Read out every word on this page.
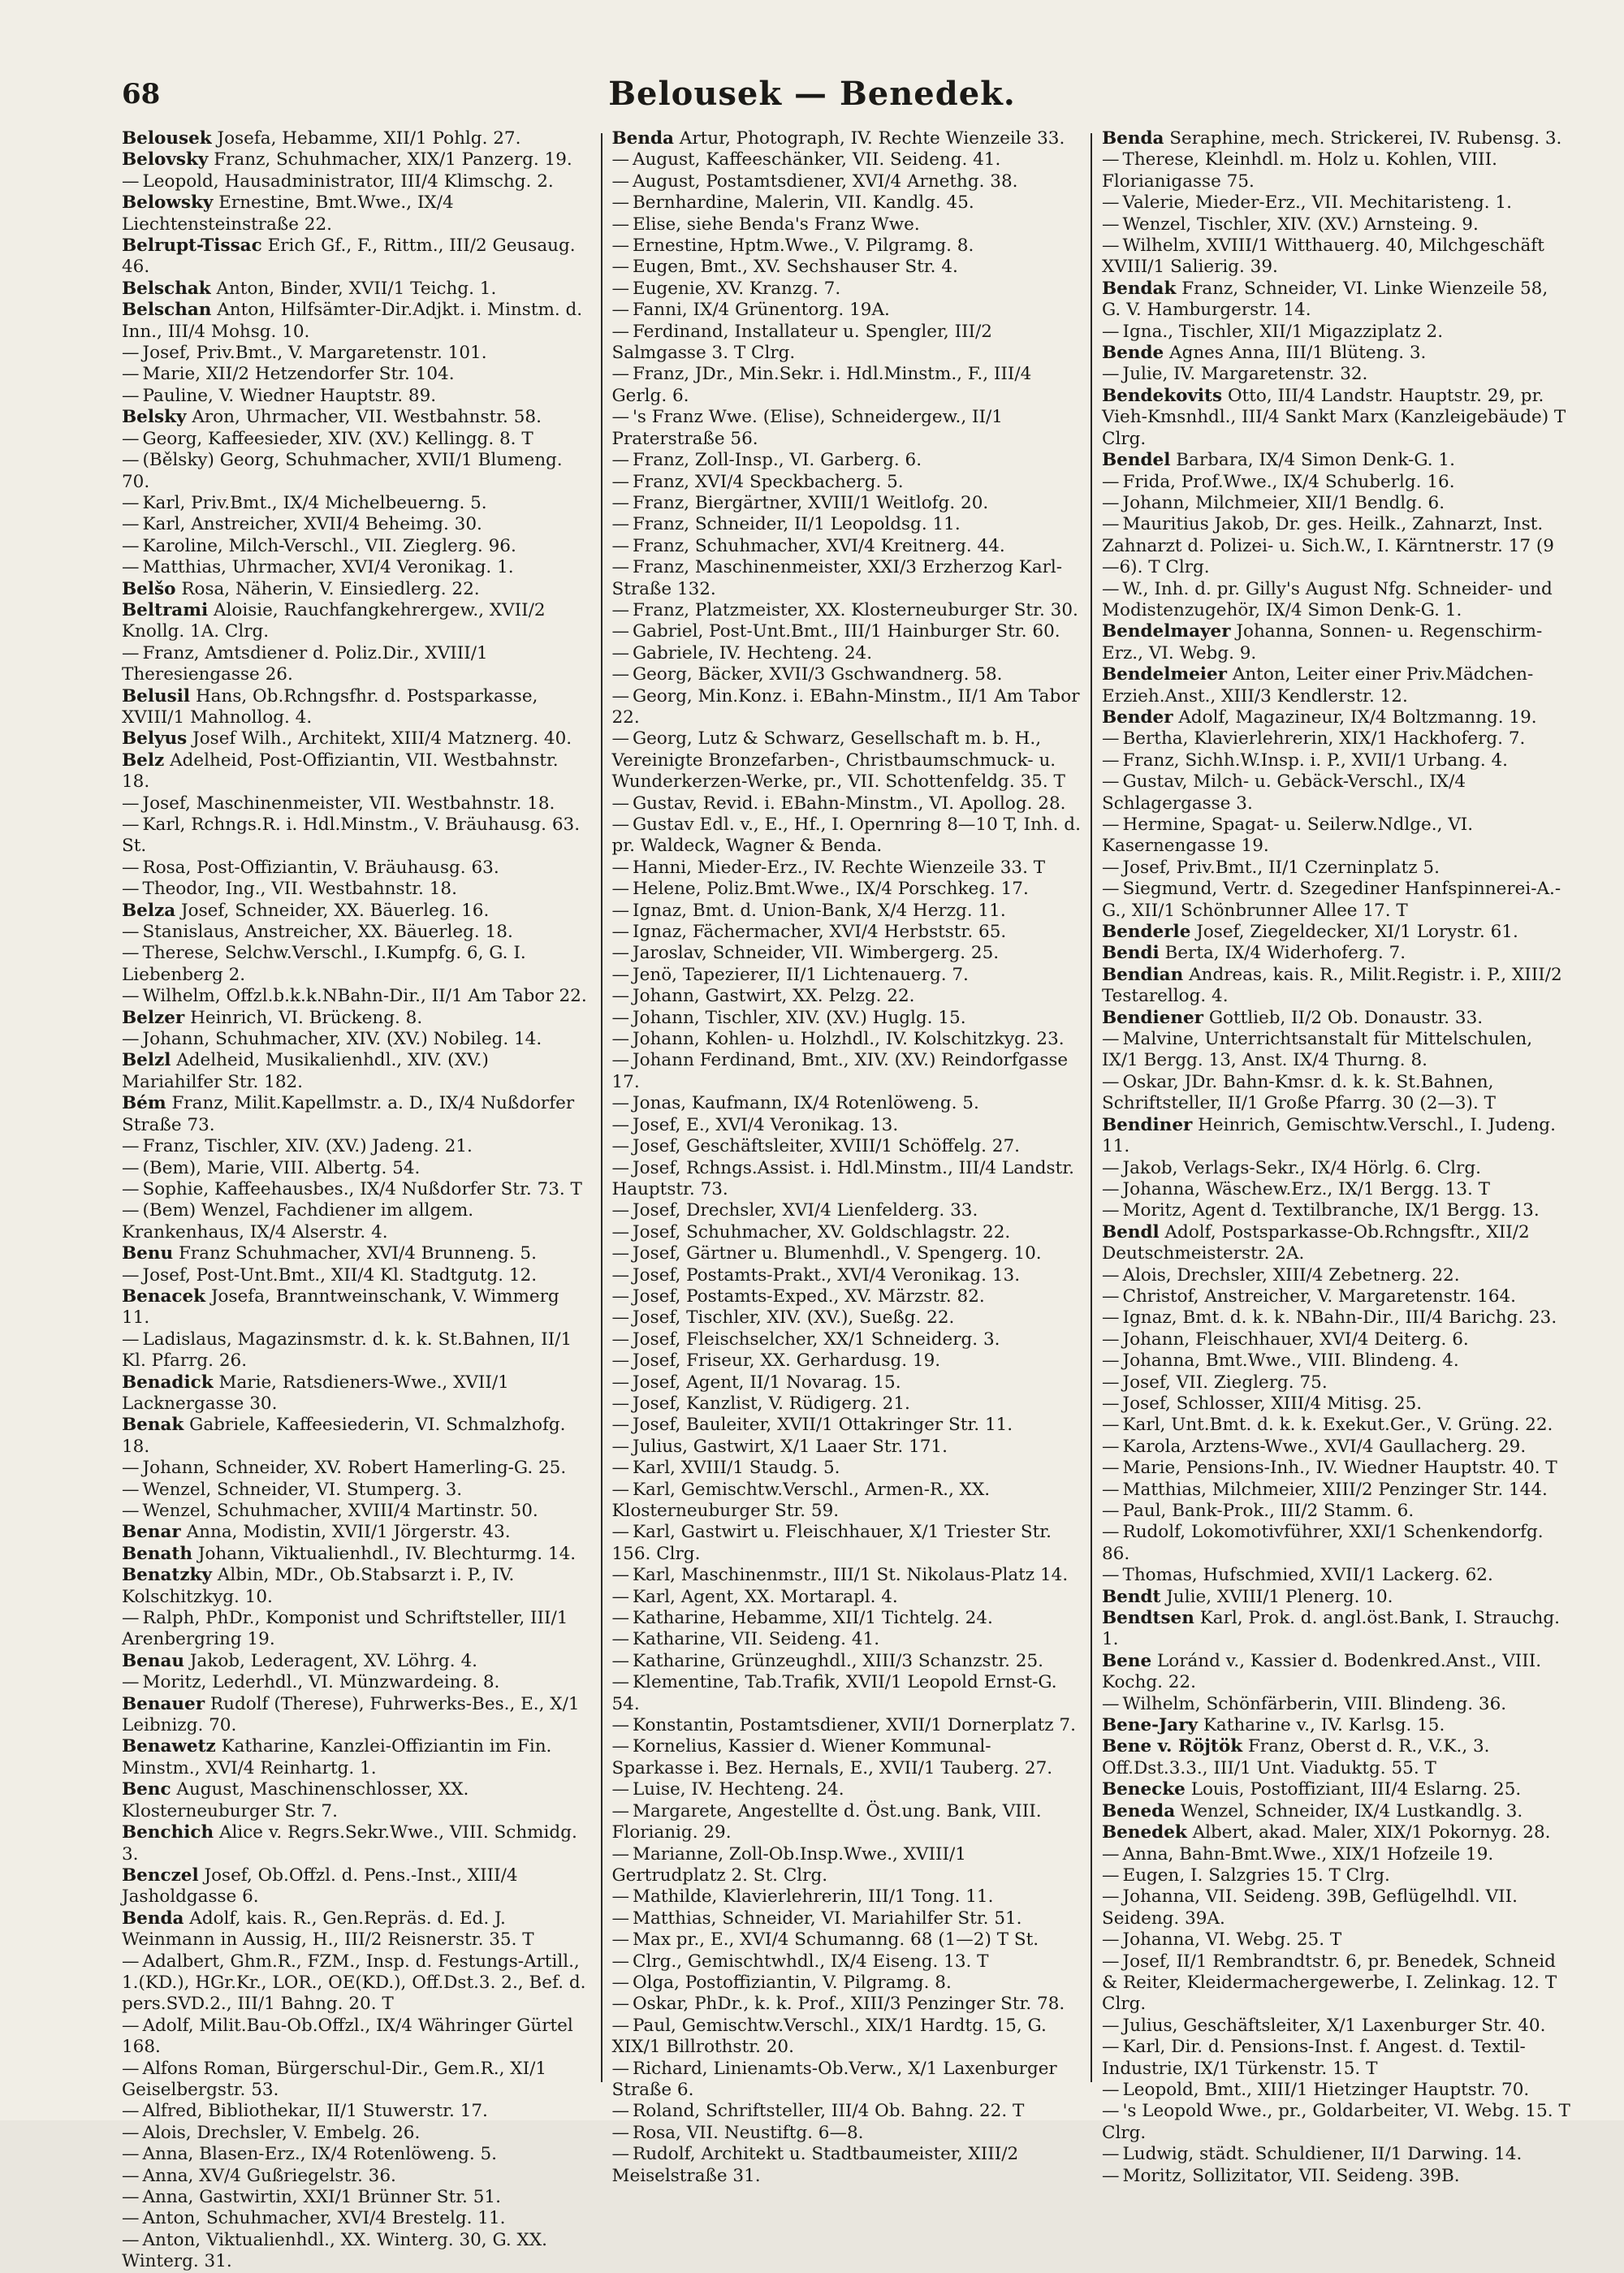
68	Belousek — Benedek.

Belousek Josefa, Hebamme, XII/1 Pohlg. 27.

Belovsky Franz, Schuhmacher, XIX/1 Panzerg. 19.

— Leopold, Hausadministrator, III/4 Klimschg. 2.

Belowsky Ernestine, Bmt.Wwe., IX/4 Liechtensteinstraße 22.

Belrupt-Tissac Erich Gf., F., Rittm., III/2 Geusaug. 46.

Belschak Anton, Binder, XVII/1 Teichg. 1.

Belschan Anton, Hilfsämter-Dir.Adjkt. i. Minstm. d. Inn., III/4 Mohsg. 10.

— Josef, Priv.Bmt., V. Margaretenstr. 101.

— Marie, XII/2 Hetzendorfer Str. 104.

— Pauline, V. Wiedner Hauptstr. 89.

Belsky Aron, Uhrmacher, VII. Westbahnstr. 58.

— Georg, Kaffeesieder, XIV. (XV.) Kellingg. 8. T

— (Bělsky) Georg, Schuhmacher, XVII/1 Blumeng. 70.

— Karl, Priv.Bmt., IX/4 Michelbeuerng. 5.

— Karl, Anstreicher, XVII/4 Beheimg. 30.

— Karoline, Milch-Verschl., VII. Zieglerg. 96.

— Matthias, Uhrmacher, XVI/4 Veronikag. 1.

Belšo Rosa, Näherin, V. Einsiedlerg. 22.

Beltrami Aloisie, Rauchfangkehrergew., XVII/2 Knollg. 1A. Clrg.

— Franz, Amtsdiener d. Poliz.Dir., XVIII/1 Theresiengasse 26.

Belusil Hans, Ob.Rchngsfhr. d. Postsparkasse, XVIII/1 Mahnollog. 4.

Belyus Josef Wilh., Architekt, XIII/4 Matznerg. 40.

Belz Adelheid, Post-Offiziantin, VII. Westbahnstr. 18.

— Josef, Maschinenmeister, VII. Westbahnstr. 18.

— Karl, Rchngs.R. i. Hdl.Minstm., V. Bräuhausg. 63. St.

— Rosa, Post-Offiziantin, V. Bräuhausg. 63.

— Theodor, Ing., VII. Westbahnstr. 18.

Belza Josef, Schneider, XX. Bäuerleg. 16.

— Stanislaus, Anstreicher, XX. Bäuerleg. 18.

— Therese, Selchw.Verschl., I.Kumpfg. 6, G. I. Liebenberg 2.

— Wilhelm, Offzl.b.k.k.NBahn-Dir., II/1 Am Tabor 22.

Belzer Heinrich, VI. Brückeng. 8.

— Johann, Schuhmacher, XIV. (XV.) Nobileg. 14.

Belzl Adelheid, Musikalienhdl., XIV. (XV.) Mariahilfer Str. 182.

Bém Franz, Milit.Kapellmstr. a. D., IX/4 Nußdorfer Straße 73.

— Franz, Tischler, XIV. (XV.) Jadeng. 21.

— (Bem), Marie, VIII. Albertg. 54.

— Sophie, Kaffeehausbes., IX/4 Nußdorfer Str. 73. T

— (Bem) Wenzel, Fachdiener im allgem. Krankenhaus, IX/4 Alserstr. 4.

Benu Franz Schuhmacher, XVI/4 Brunneng. 5.

— Josef, Post-Unt.Bmt., XII/4 Kl. Stadtgutg. 12.

Benacek Josefa, Branntweinschank, V. Wimmerg 11.

— Ladislaus, Magazinsmstr. d. k. k. St.Bahnen, II/1 Kl. Pfarrg. 26.

Benadick Marie, Ratsdieners-Wwe., XVII/1 Lacknergasse 30.

Benak Gabriele, Kaffeesiederin, VI. Schmalzhofg. 18.

— Johann, Schneider, XV. Robert Hamerling-G. 25.

— Wenzel, Schneider, VI. Stumperg. 3.

— Wenzel, Schuhmacher, XVIII/4 Martinstr. 50.

Benar Anna, Modistin, XVII/1 Jörgerstr. 43.

Benath Johann, Viktualienhdl., IV. Blechturmg. 14.

Benatzky Albin, MDr., Ob.Stabsarzt i. P., IV. Kolschitzkyg. 10.

— Ralph, PhDr., Komponist und Schriftsteller, III/1 Arenbergring 19.

Benau Jakob, Lederagent, XV. Löhrg. 4.

— Moritz, Lederhdl., VI. Münzwardeing. 8.

Benauer Rudolf (Therese), Fuhrwerks-Bes., E., X/1 Leibnizg. 70.

Benawetz Katharine, Kanzlei-Offiziantin im Fin. Minstm., XVI/4 Reinhartg. 1.

Benc August, Maschinenschlosser, XX. Klosterneuburger Str. 7.

Benchich Alice v. Regrs.Sekr.Wwe., VIII. Schmidg. 3.

Benczel Josef, Ob.Offzl. d. Pens.-Inst., XIII/4 Jasholdgasse 6.

Benda Adolf, kais. R., Gen.Repräs. d. Ed. J. Weinmann in Aussig, H., III/2 Reisnerstr. 35. T

— Adalbert, Ghm.R., FZM., Insp. d. Festungs-Artill., 1.(KD.), HGr.Kr., LOR., OE(KD.), Off.Dst.3. 2., Bef. d. pers.SVD.2., III/1 Bahng. 20. T

— Adolf, Milit.Bau-Ob.Offzl., IX/4 Währinger Gürtel 168.

— Alfons Roman, Bürgerschul-Dir., Gem.R., XI/1 Geiselbergstr. 53.

— Alfred, Bibliothekar, II/1 Stuwerstr. 17.

— Alois, Drechsler, V. Embelg. 26.

— Anna, Blasen-Erz., IX/4 Rotenlöweng. 5.

— Anna, XV/4 Gußriegelstr. 36.

— Anna, Gastwirtin, XXI/1 Brünner Str. 51.

— Anton, Schuhmacher, XVI/4 Brestelg. 11.

— Anton, Viktualienhdl., XX. Winterg. 30, G. XX. Winterg. 31.

Benda Artur, Photograph, IV. Rechte Wienzeile 33.

— August, Kaffeeschänker, VII. Seideng. 41.

— August, Postamtsdiener, XVI/4 Arnethg. 38.

— Bernhardine, Malerin, VII. Kandlg. 45.

— Elise, siehe Benda's Franz Wwe.

— Ernestine, Hptm.Wwe., V. Pilgramg. 8.

— Eugen, Bmt., XV. Sechshauser Str. 4.

— Eugenie, XV. Kranzg. 7.

— Fanni, IX/4 Grünentorg. 19A.

— Ferdinand, Installateur u. Spengler, III/2 Salmgasse 3. T Clrg.

— Franz, JDr., Min.Sekr. i. Hdl.Minstm., F., III/4 Gerlg. 6.

— 's Franz Wwe. (Elise), Schneidergew., II/1 Praterstraße 56.

— Franz, Zoll-Insp., VI. Garberg. 6.

— Franz, XVI/4 Speckbacherg. 5.

— Franz, Biergärtner, XVIII/1 Weitlofg. 20.

— Franz, Schneider, II/1 Leopoldsg. 11.

— Franz, Schuhmacher, XVI/4 Kreitnerg. 44.

— Franz, Maschinenmeister, XXI/3 Erzherzog Karl-Straße 132.

— Franz, Platzmeister, XX. Klosterneuburger Str. 30.

— Gabriel, Post-Unt.Bmt., III/1 Hainburger Str. 60.

— Gabriele, IV. Hechteng. 24.

— Georg, Bäcker, XVII/3 Gschwandnerg. 58.

— Georg, Min.Konz. i. EBahn-Minstm., II/1 Am Tabor 22.

— Georg, Lutz & Schwarz, Gesellschaft m. b. H., Vereinigte Bronzefarben-, Christbaumschmuck- u. Wunderkerzen-Werke, pr., VII. Schottenfeldg. 35. T

— Gustav, Revid. i. EBahn-Minstm., VI. Apollog. 28.

— Gustav Edl. v., E., Hf., I. Opernring 8—10 T, Inh. d. pr. Waldeck, Wagner & Benda.

— Hanni, Mieder-Erz., IV. Rechte Wienzeile 33. T

— Helene, Poliz.Bmt.Wwe., IX/4 Porschkeg. 17.

— Ignaz, Bmt. d. Union-Bank, X/4 Herzg. 11.

— Ignaz, Fächermacher, XVI/4 Herbststr. 65.

— Jaroslav, Schneider, VII. Wimbergerg. 25.

— Jenö, Tapezierer, II/1 Lichtenauerg. 7.

— Johann, Gastwirt, XX. Pelzg. 22.

— Johann, Tischler, XIV. (XV.) Huglg. 15.

— Johann, Kohlen- u. Holzhdl., IV. Kolschitzkyg. 23.

— Johann Ferdinand, Bmt., XIV. (XV.) Reindorfgasse 17.

— Jonas, Kaufmann, IX/4 Rotenlöweng. 5.

— Josef, E., XVI/4 Veronikag. 13.

— Josef, Geschäftsleiter, XVIII/1 Schöffelg. 27.

— Josef, Rchngs.Assist. i. Hdl.Minstm., III/4 Landstr. Hauptstr. 73.

— Josef, Drechsler, XVI/4 Lienfelderg. 33.

— Josef, Schuhmacher, XV. Goldschlagstr. 22.

— Josef, Gärtner u. Blumenhdl., V. Spengerg. 10.

— Josef, Postamts-Prakt., XVI/4 Veronikag. 13.

— Josef, Postamts-Exped., XV. Märzstr. 82.

— Josef, Tischler, XIV. (XV.), Sueßg. 22.

— Josef, Fleischselcher, XX/1 Schneiderg. 3.

— Josef, Friseur, XX. Gerhardusg. 19.

— Josef, Agent, II/1 Novarag. 15.

— Josef, Kanzlist, V. Rüdigerg. 21.

— Josef, Bauleiter, XVII/1 Ottakringer Str. 11.

— Julius, Gastwirt, X/1 Laaer Str. 171.

— Karl, XVIII/1 Staudg. 5.

— Karl, Gemischtw.Verschl., Armen-R., XX. Klosterneuburger Str. 59.

— Karl, Gastwirt u. Fleischhauer, X/1 Triester Str. 156. Clrg.

— Karl, Maschinenmstr., III/1 St. Nikolaus-Platz 14.

— Karl, Agent, XX. Mortarapl. 4.

— Katharine, Hebamme, XII/1 Tichtelg. 24.

— Katharine, VII. Seideng. 41.

— Katharine, Grünzeughdl., XIII/3 Schanzstr. 25.

— Klementine, Tab.Trafik, XVII/1 Leopold Ernst-G. 54.

— Konstantin, Postamtsdiener, XVII/1 Dornerplatz 7.

— Kornelius, Kassier d. Wiener Kommunal-Sparkasse i. Bez. Hernals, E., XVII/1 Tauberg. 27.

— Luise, IV. Hechteng. 24.

— Margarete, Angestellte d. Öst.ung. Bank, VIII. Florianig. 29.

— Marianne, Zoll-Ob.Insp.Wwe., XVIII/1 Gertrudplatz 2. St. Clrg.

— Mathilde, Klavierlehrerin, III/1 Tong. 11.

— Matthias, Schneider, VI. Mariahilfer Str. 51.

— Max pr., E., XVI/4 Schumanng. 68 (1—2) T St.

— Clrg., Gemischtwhdl., IX/4 Eiseng. 13. T

— Olga, Postoffiziantin, V. Pilgramg. 8.

— Oskar, PhDr., k. k. Prof., XIII/3 Penzinger Str. 78.

— Paul, Gemischtw.Verschl., XIX/1 Hardtg. 15, G. XIX/1 Billrothstr. 20.

— Richard, Linienamts-Ob.Verw., X/1 Laxenburger Straße 6.

— Roland, Schriftsteller, III/4 Ob. Bahng. 22. T

— Rosa, VII. Neustiftg. 6—8.

— Rudolf, Architekt u. Stadtbaumeister, XIII/2 Meiselstraße 31.

Benda Seraphine, mech. Strickerei, IV. Rubensg. 3.

— Therese, Kleinhdl. m. Holz u. Kohlen, VIII. Florianigasse 75.

— Valerie, Mieder-Erz., VII. Mechitaristeng. 1.

— Wenzel, Tischler, XIV. (XV.) Arnsteing. 9.

— Wilhelm, XVIII/1 Witthauerg. 40, Milchgeschäft XVIII/1 Salierig. 39.

Bendak Franz, Schneider, VI. Linke Wienzeile 58, G. V. Hamburgerstr. 14.

— Igna., Tischler, XII/1 Migazziplatz 2.

Bende Agnes Anna, III/1 Blüteng. 3.

— Julie, IV. Margaretenstr. 32.

Bendekovits Otto, III/4 Landstr. Hauptstr. 29, pr. Vieh-Kmsnhdl., III/4 Sankt Marx (Kanzleigebäude) T Clrg.

Bendel Barbara, IX/4 Simon Denk-G. 1.

— Frida, Prof.Wwe., IX/4 Schuberlg. 16.

— Johann, Milchmeier, XII/1 Bendlg. 6.

— Mauritius Jakob, Dr. ges. Heilk., Zahnarzt, Inst. Zahnarzt d. Polizei- u. Sich.W., I. Kärntnerstr. 17 (9—6). T Clrg.

— W., Inh. d. pr. Gilly's August Nfg. Schneider- und Modistenzugehör, IX/4 Simon Denk-G. 1.

Bendelmayer Johanna, Sonnen- u. Regenschirm-Erz., VI. Webg. 9.

Bendelmeier Anton, Leiter einer Priv.Mädchen-Erzieh.Anst., XIII/3 Kendlerstr. 12.

Bender Adolf, Magazineur, IX/4 Boltzmanng. 19.

— Bertha, Klavierlehrerin, XIX/1 Hackhoferg. 7.

— Franz, Sichh.W.Insp. i. P., XVII/1 Urbang. 4.

— Gustav, Milch- u. Gebäck-Verschl., IX/4 Schlagergasse 3.

— Hermine, Spagat- u. Seilerw.Ndlge., VI. Kasernengasse 19.

— Josef, Priv.Bmt., II/1 Czerninplatz 5.

— Siegmund, Vertr. d. Szegediner Hanfspinnerei-A.-G., XII/1 Schönbrunner Allee 17. T

Benderle Josef, Ziegeldecker, XI/1 Lorystr. 61.

Bendi Berta, IX/4 Widerhoferg. 7.

Bendian Andreas, kais. R., Milit.Registr. i. P., XIII/2 Testarellog. 4.

Bendiener Gottlieb, II/2 Ob. Donaustr. 33.

— Malvine, Unterrichtsanstalt für Mittelschulen, IX/1 Bergg. 13, Anst. IX/4 Thurng. 8.

— Oskar, JDr. Bahn-Kmsr. d. k. k. St.Bahnen, Schriftsteller, II/1 Große Pfarrg. 30 (2—3). T

Bendiner Heinrich, Gemischtw.Verschl., I. Judeng. 11.

— Jakob, Verlags-Sekr., IX/4 Hörlg. 6. Clrg.

— Johanna, Wäschew.Erz., IX/1 Bergg. 13. T

— Moritz, Agent d. Textilbranche, IX/1 Bergg. 13.

Bendl Adolf, Postsparkasse-Ob.Rchngsftr., XII/2 Deutschmeisterstr. 2A.

— Alois, Drechsler, XIII/4 Zebetnerg. 22.

— Christof, Anstreicher, V. Margaretenstr. 164.

— Ignaz, Bmt. d. k. k. NBahn-Dir., III/4 Barichg. 23.

— Johann, Fleischhauer, XVI/4 Deiterg. 6.

— Johanna, Bmt.Wwe., VIII. Blindeng. 4.

— Josef, VII. Zieglerg. 75.

— Josef, Schlosser, XIII/4 Mitisg. 25.

— Karl, Unt.Bmt. d. k. k. Exekut.Ger., V. Grüng. 22.

— Karola, Arztens-Wwe., XVI/4 Gaullacherg. 29.

— Marie, Pensions-Inh., IV. Wiedner Hauptstr. 40. T

— Matthias, Milchmeier, XIII/2 Penzinger Str. 144.

— Paul, Bank-Prok., III/2 Stamm. 6.

— Rudolf, Lokomotivführer, XXI/1 Schenkendorfg. 86.

— Thomas, Hufschmied, XVII/1 Lackerg. 62.

Bendt Julie, XVIII/1 Plenerg. 10.

Bendtsen Karl, Prok. d. angl.öst.Bank, I. Strauchg. 1.

Bene Loránd v., Kassier d. Bodenkred.Anst., VIII. Kochg. 22.

— Wilhelm, Schönfärberin, VIII. Blindeng. 36.

Bene-Jary Katharine v., IV. Karlsg. 15.

Bene v. Röjtök Franz, Oberst d. R., V.K., 3. Off.Dst.3.3., III/1 Unt. Viaduktg. 55. T

Benecke Louis, Postoffiziant, III/4 Eslarng. 25.

Beneda Wenzel, Schneider, IX/4 Lustkandlg. 3.

Benedek Albert, akad. Maler, XIX/1 Pokornyg. 28.

— Anna, Bahn-Bmt.Wwe., XIX/1 Hofzeile 19.

— Eugen, I. Salzgries 15. T Clrg.

— Johanna, VII. Seideng. 39B, Geflügelhdl. VII. Seideng. 39A.

— Johanna, VI. Webg. 25. T

— Josef, II/1 Rembrandtstr. 6, pr. Benedek, Schneid & Reiter, Kleidermachergewerbe, I. Zelinkag. 12. T Clrg.

— Julius, Geschäftsleiter, X/1 Laxenburger Str. 40.

— Karl, Dir. d. Pensions-Inst. f. Angest. d. Textil-Industrie, IX/1 Türkenstr. 15. T

— Leopold, Bmt., XIII/1 Hietzinger Hauptstr. 70.

— 's Leopold Wwe., pr., Goldarbeiter, VI. Webg. 15. T Clrg.

— Ludwig, städt. Schuldiener, II/1 Darwing. 14.

— Moritz, Sollizitator, VII. Seideng. 39B.
